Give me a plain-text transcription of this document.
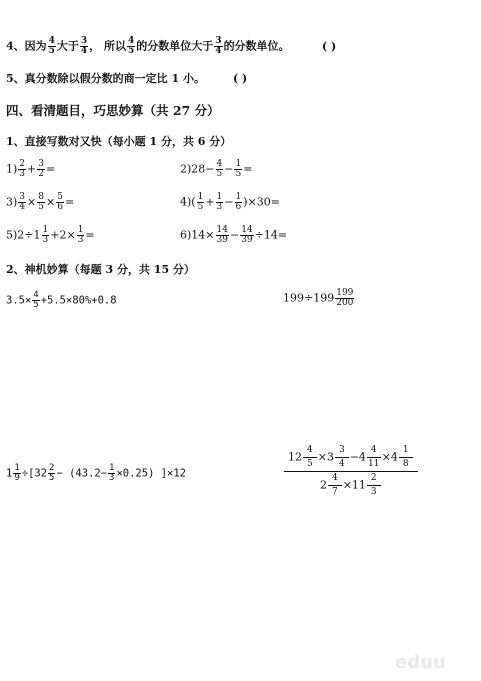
4、因为 $\frac{4}{5}$ 大于 $\frac{3}{4}$ ， 所以 $\frac{4}{5}$ 的分数单位大于 $\frac{3}{4}$ 的分数单位。	( )
5、真分数除以假分数的商一定比 1 小。	( )
四、看清题目，巧思妙算（共 27 分）
1、直接写数对又快（每小题 1 分，共 6 分）
$1) \frac{2}{3} + \frac{3}{2}$ =	$2)28- \frac{4}{5} - \frac{1}{5}$ =
$3) \frac{3}{4} \times \frac{8}{5} \times \frac{5}{6}$ =	$4)( \frac{1}{5} + \frac{1}{3} - \frac{1}{6} )\times 30=$
$5)2\div 1 \frac{1}{3} +2\times \frac{1}{3}$ =	$6)14\times \frac{14}{39} - \frac{14}{39} \div 14=$
2、神机妙算（每题 3 分，共 15 分）
$3.5\times \frac{4}{5} +5.5\times 80\%+0.8$	$199\div 199 \frac{199}{200}$
$1 \frac{1}{9} \div[32 \frac{2}{5} - (43.2- \frac{1}{3} \times 0.25)$ ]×12	$\frac{12 \frac{4}{5} \times 3 \frac{3}{4} -4 \frac{4}{11} \times 4 \frac{1}{8}}{2 \frac{4}{7} \times 11 \frac{2}{3}}$
eduu
